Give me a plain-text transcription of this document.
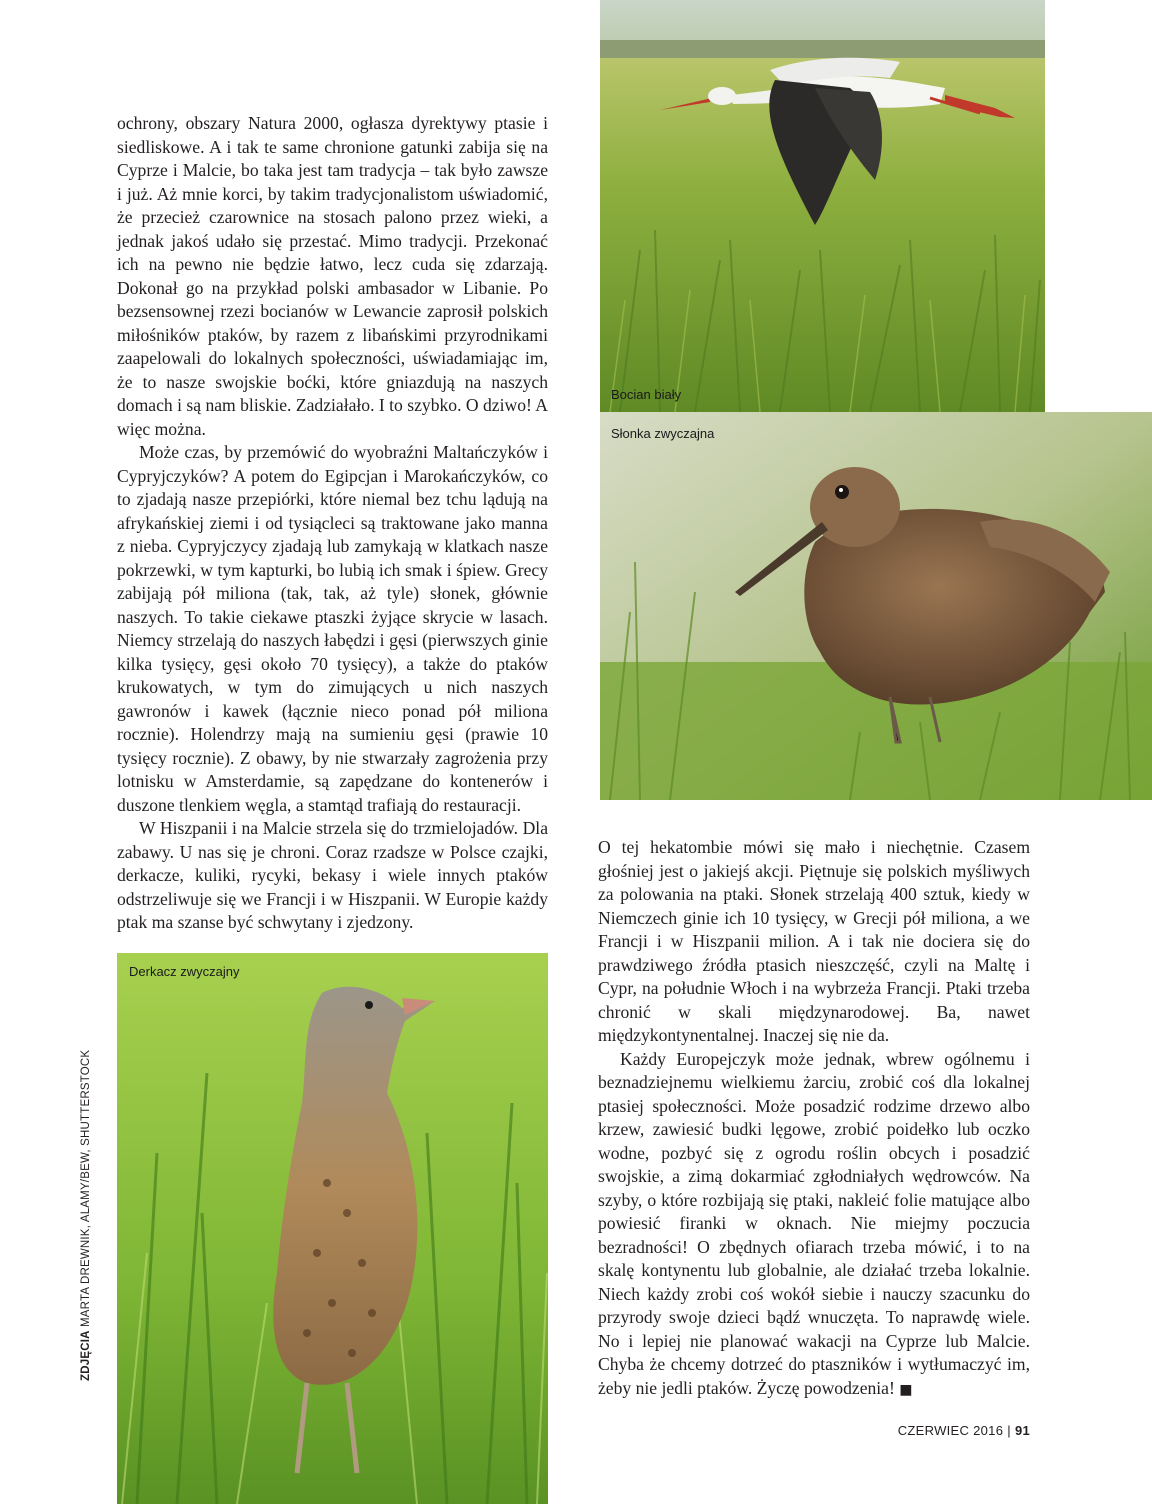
ochrony, obszary Natura 2000, ogłasza dyrektywy ptasie i siedliskowe. A i tak te same chronione gatunki zabija się na Cyprze i Malcie, bo taka jest tam tradycja – tak było zawsze i już. Aż mnie korci, by takim tradycjonalistom uświadomić, że przecież czarownice na stosach palono przez wieki, a jednak jakoś udało się przestać. Mimo tradycji. Przekonać ich na pewno nie będzie łatwo, lecz cuda się zdarzają. Dokonał go na przykład polski ambasador w Libanie. Po bezsensownej rzezi bocianów w Lewancie zaprosił polskich miłośników ptaków, by razem z libańskimi przyrodnikami zaapelowali do lokalnych społeczności, uświadamiając im, że to nasze swojskie boćki, które gniazdują na naszych domach i są nam bliskie. Zadziałało. I to szybko. O dziwo! A więc można.

Może czas, by przemówić do wyobraźni Maltańczyków i Cypryjczyków? A potem do Egipcjan i Marokańczyków, co to zjadają nasze przepiórki, które niemal bez tchu lądują na afrykańskiej ziemi i od tysiącleci są traktowane jako manna z nieba. Cypryjczycy zjadają lub zamykają w klatkach nasze pokrzewki, w tym kapturki, bo lubią ich smak i śpiew. Grecy zabijają pół miliona (tak, tak, aż tyle) słonek, głównie naszych. To takie ciekawe ptaszki żyjące skrycie w lasach. Niemcy strzelają do naszych łabędzi i gęsi (pierwszych ginie kilka tysięcy, gęsi około 70 tysięcy), a także do ptaków krukowatych, w tym do zimujących u nich naszych gawronów i kawek (łącznie nieco ponad pół miliona rocznie). Holendrzy mają na sumieniu gęsi (prawie 10 tysięcy rocznie). Z obawy, by nie stwarzały zagrożenia przy lotnisku w Amsterdamie, są zapędzane do kontenerów i duszone tlenkiem węgla, a stamtąd trafiają do restauracji.

W Hiszpanii i na Malcie strzela się do trzmielojadów. Dla zabawy. U nas się je chroni. Coraz rzadsze w Polsce czajki, derkacze, kuliki, rycyki, bekasy i wiele innych ptaków odstrzeliwuje się we Francji i w Hiszpanii. W Europie każdy ptak ma szanse być schwytany i zjedzony.

Bocian biały
Słonka zwyczajna

O tej hekatombie mówi się mało i niechętnie. Czasem głośniej jest o jakiejś akcji. Piętnuje się polskich myśliwych za polowania na ptaki. Słonek strzelają 400 sztuk, kiedy w Niemczech ginie ich 10 tysięcy, w Grecji pół miliona, a we Francji i w Hiszpanii milion. A i tak nie dociera się do prawdziwego źródła ptasich nieszczęść, czyli na Maltę i Cypr, na południe Włoch i na wybrzeża Francji. Ptaki trzeba chronić w skali międzynarodowej. Ba, nawet międzykontynentalnej. Inaczej się nie da.

Każdy Europejczyk może jednak, wbrew ogólnemu i beznadziejnemu wielkiemu żarciu, zrobić coś dla lokalnej ptasiej społeczności. Może posadzić rodzime drzewo albo krzew, zawiesić budki lęgowe, zrobić poidełko lub oczko wodne, pozbyć się z ogrodu roślin obcych i posadzić swojskie, a zimą dokarmiać zgłodniałych wędrowców. Na szyby, o które rozbijają się ptaki, nakleić folie matujące albo powiesić firanki w oknach. Nie miejmy poczucia bezradności! O zbędnych ofiarach trzeba mówić, i to na skalę kontynentu lub globalnie, ale działać trzeba lokalnie. Niech każdy zrobi coś wokół siebie i nauczy szacunku do przyrody swoje dzieci bądź wnuczęta. To naprawdę wiele. No i lepiej nie planować wakacji na Cyprze lub Malcie. Chyba że chcemy dotrzeć do ptaszników i wytłumaczyć im, żeby nie jedli ptaków. Życzę powodzenia! ■

Derkacz zwyczajny
ZDJĘCIA MARTA DREWNIK, ALAMY/BEW, SHUTTERSTOCK
CZERWIEC 2016 | 91
